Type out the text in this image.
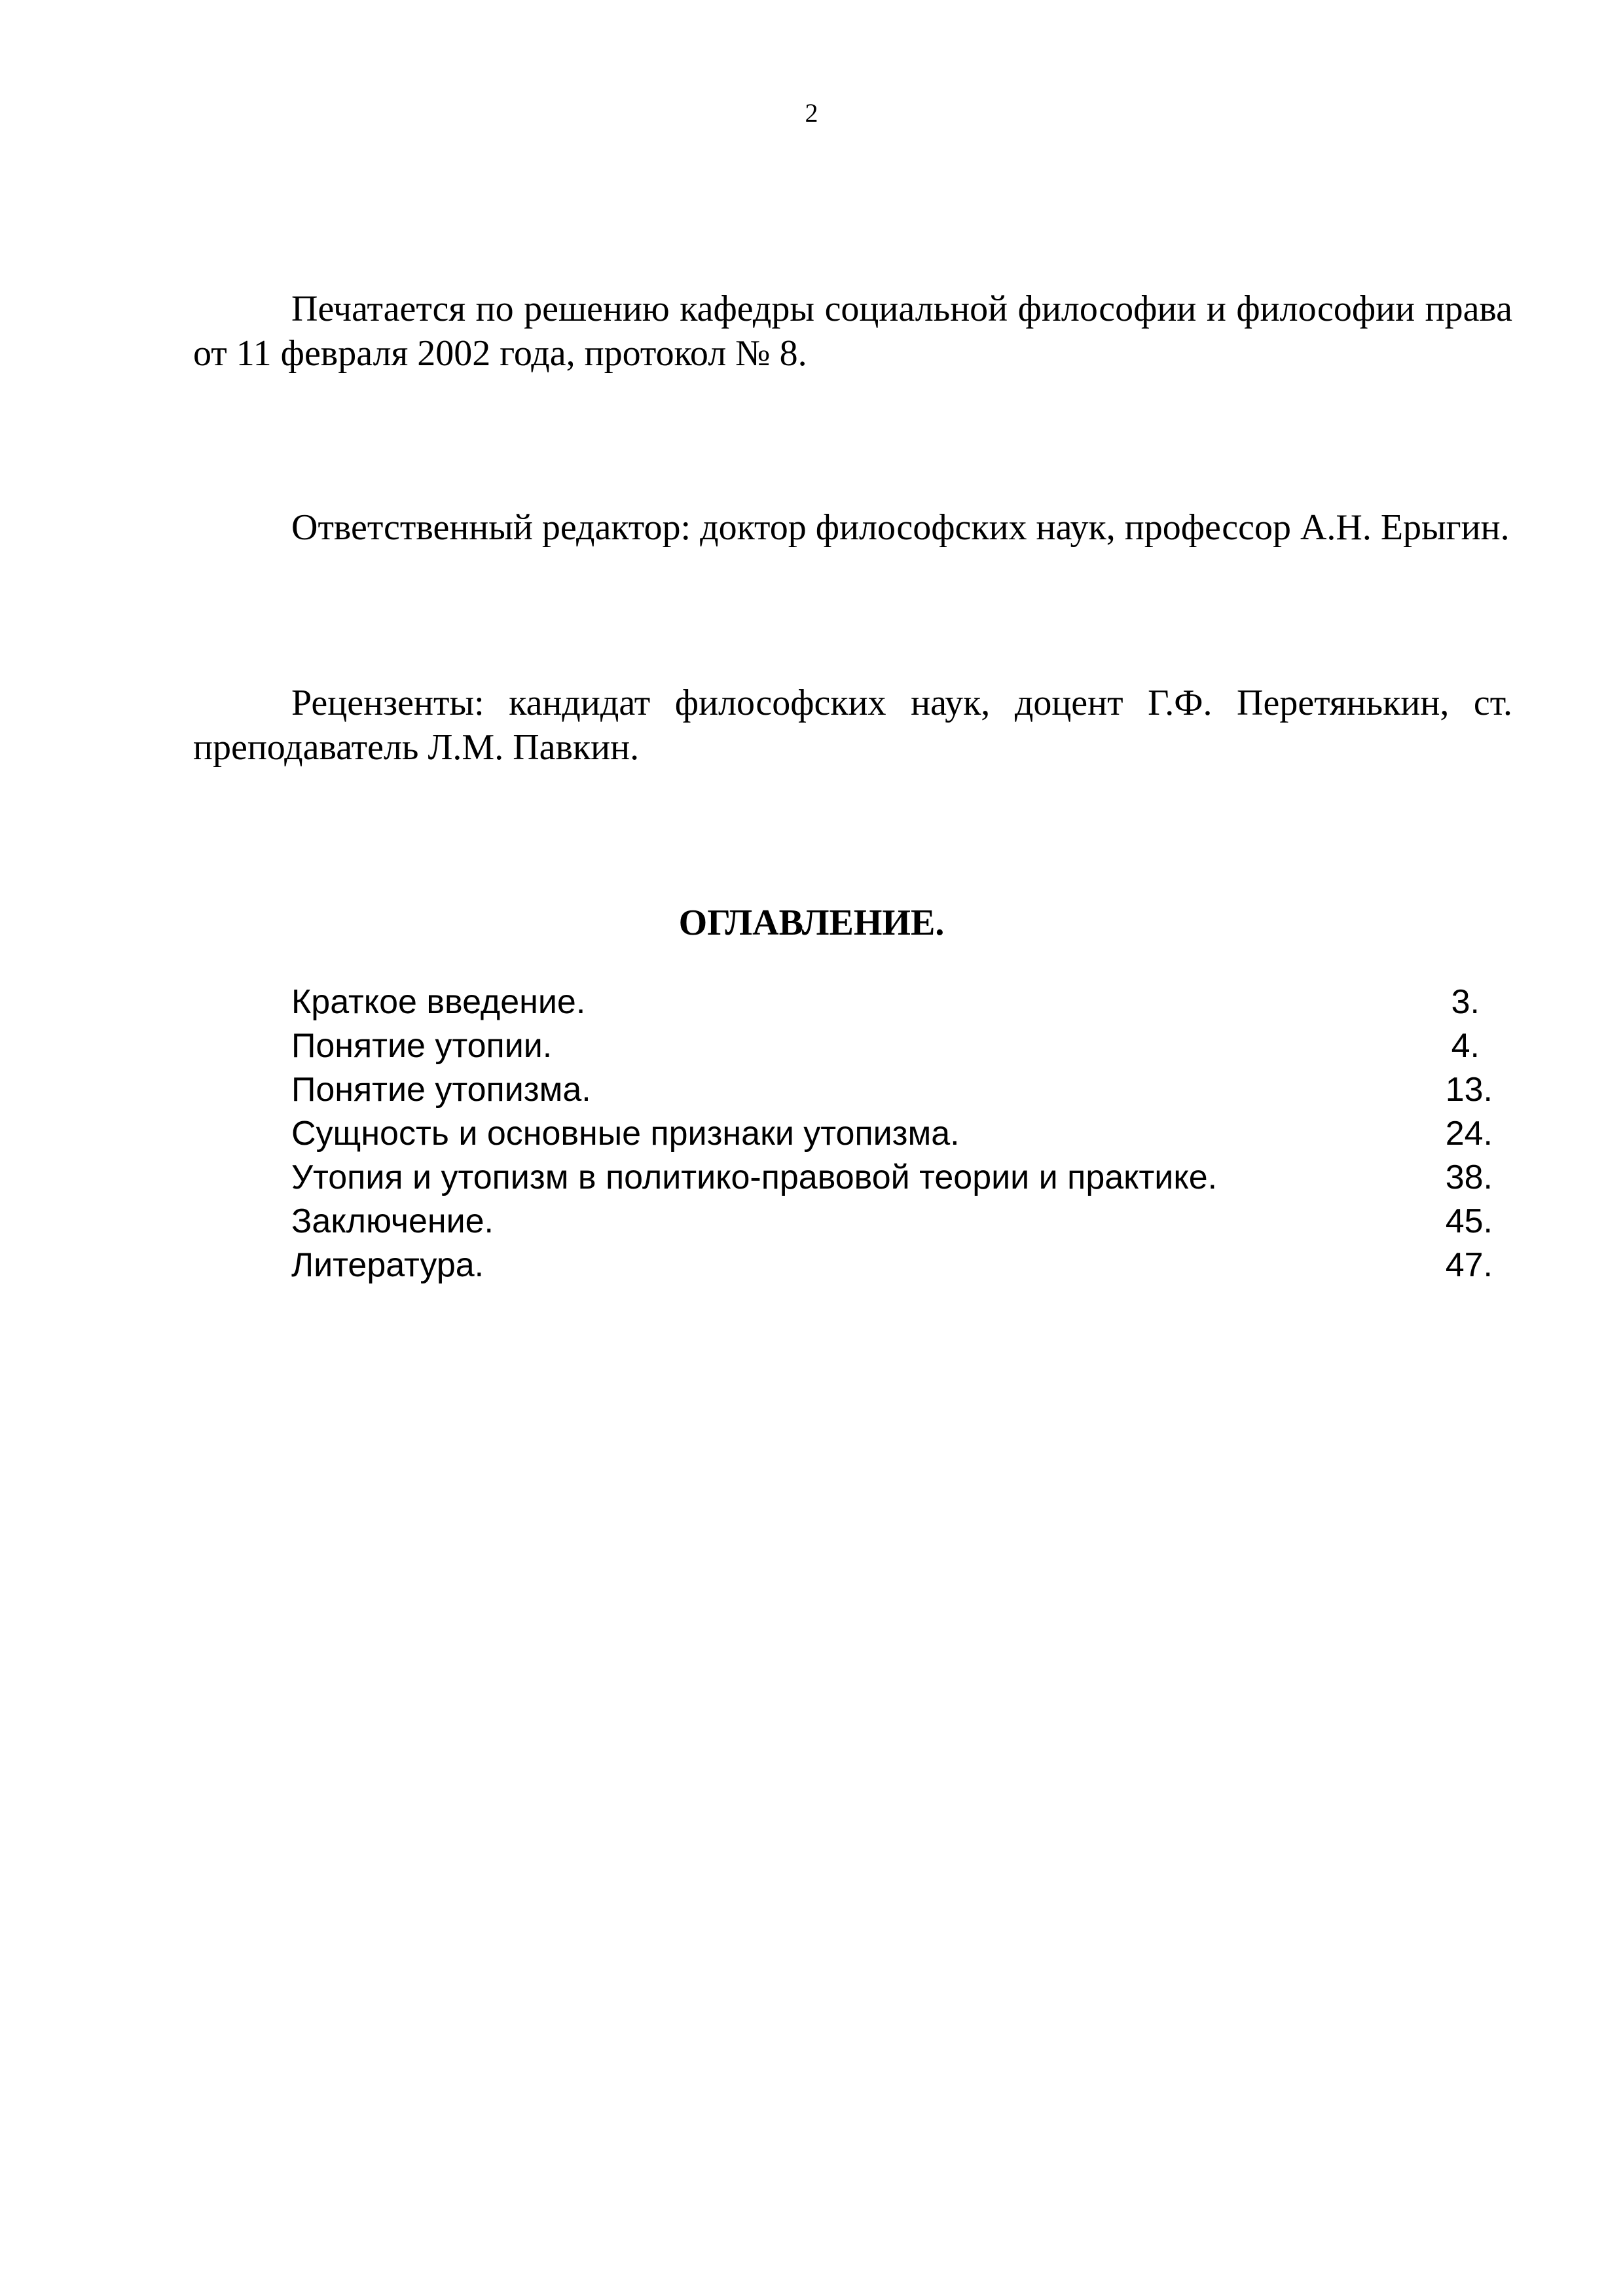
2

Печатается по решению кафедры социальной философии и философии права от 11 февраля 2002 года, протокол № 8.

Ответственный редактор: доктор философских наук, профессор А.Н. Ерыгин.

Рецензенты: кандидат философских наук, доцент Г.Ф. Перетянькин, ст. преподаватель Л.М. Павкин.

ОГЛАВЛЕНИЕ.
Краткое введение.	3.
Понятие утопии.	4.
Понятие утопизма.	13.
Сущность и основные признаки утопизма.	24.
Утопия и утопизм в политико-правовой теории и практике.	38.
Заключение.	45.
Литература.	47.
